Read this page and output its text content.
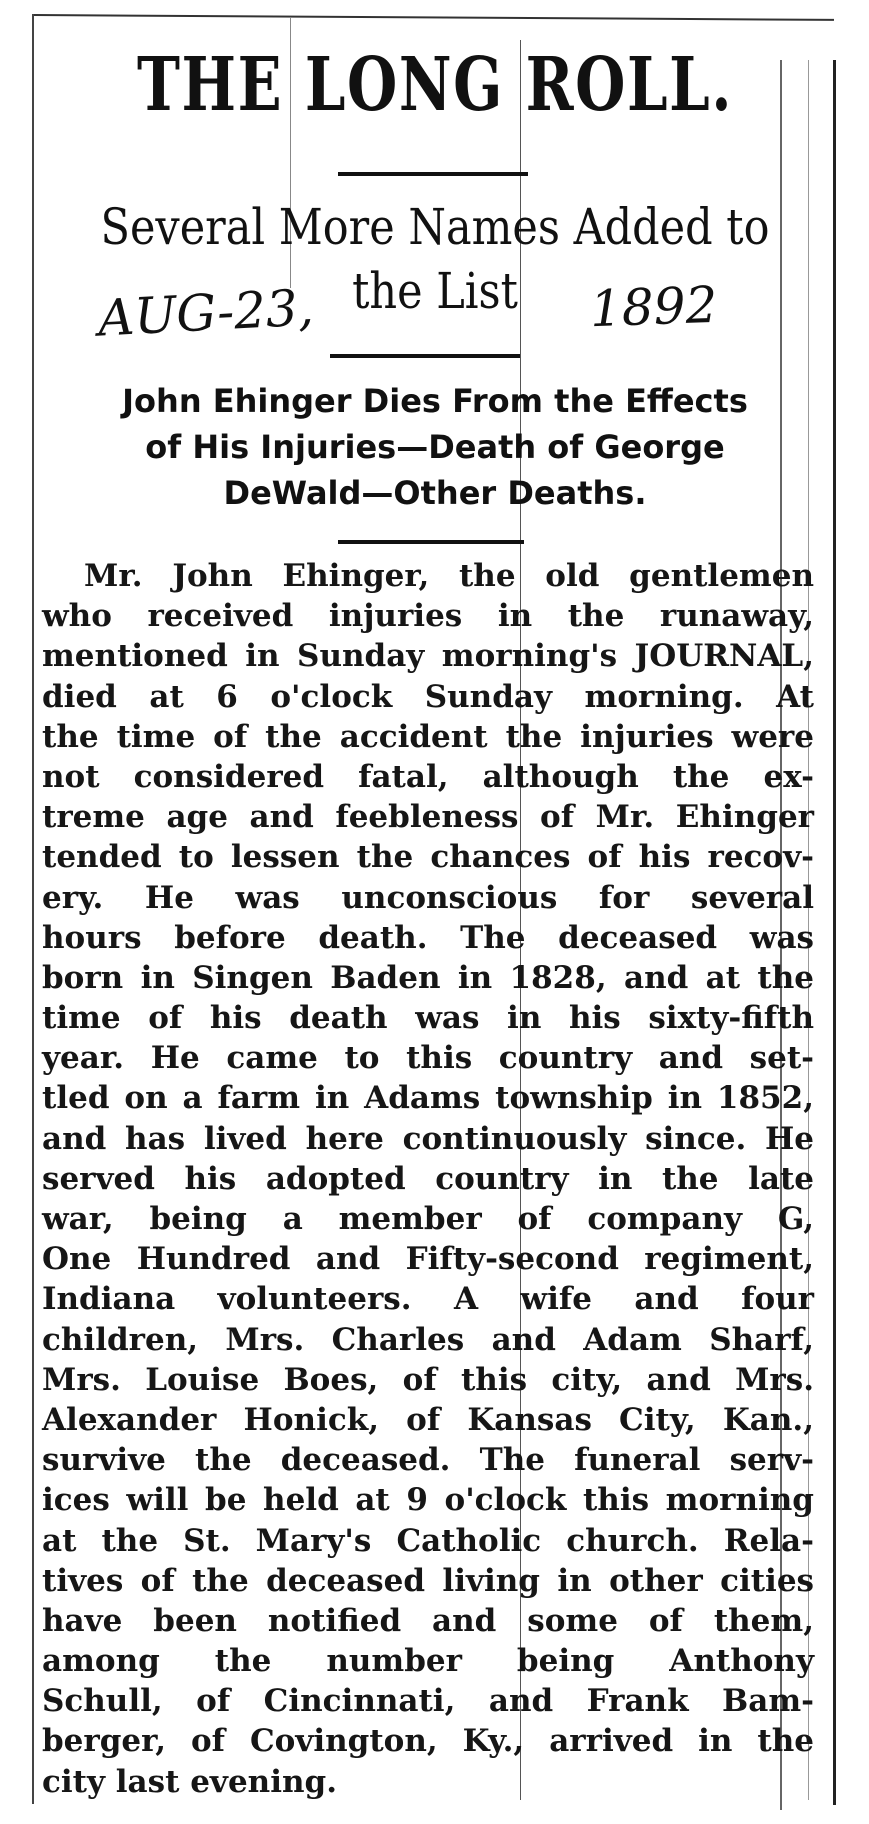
THE LONG ROLL.
Several More Names Added to
the List
AUG-23,	1892
John Ehinger Dies From the Effects
of His Injuries—Death of George
DeWald—Other Deaths.
Mr. John Ehinger, the old gentlemen
who received injuries in the runaway,
mentioned in Sunday morning's JOURNAL,
died at 6 o'clock Sunday morning. At
the time of the accident the injuries were
not considered fatal, although the ex-
treme age and feebleness of Mr. Ehinger
tended to lessen the chances of his recov-
ery. He was unconscious for several
hours before death. The deceased was
born in Singen Baden in 1828, and at the
time of his death was in his sixty-fifth
year. He came to this country and set-
tled on a farm in Adams township in 1852,
and has lived here continuously since. He
served his adopted country in the late
war, being a member of company G,
One Hundred and Fifty-second regiment,
Indiana volunteers. A wife and four
children, Mrs. Charles and Adam Sharf,
Mrs. Louise Boes, of this city, and Mrs.
Alexander Honick, of Kansas City, Kan.,
survive the deceased. The funeral serv-
ices will be held at 9 o'clock this morning
at the St. Mary's Catholic church. Rela-
tives of the deceased living in other cities
have been notified and some of them,
among the number being Anthony
Schull, of Cincinnati, and Frank Bam-
berger, of Covington, Ky., arrived in the
city last evening.
